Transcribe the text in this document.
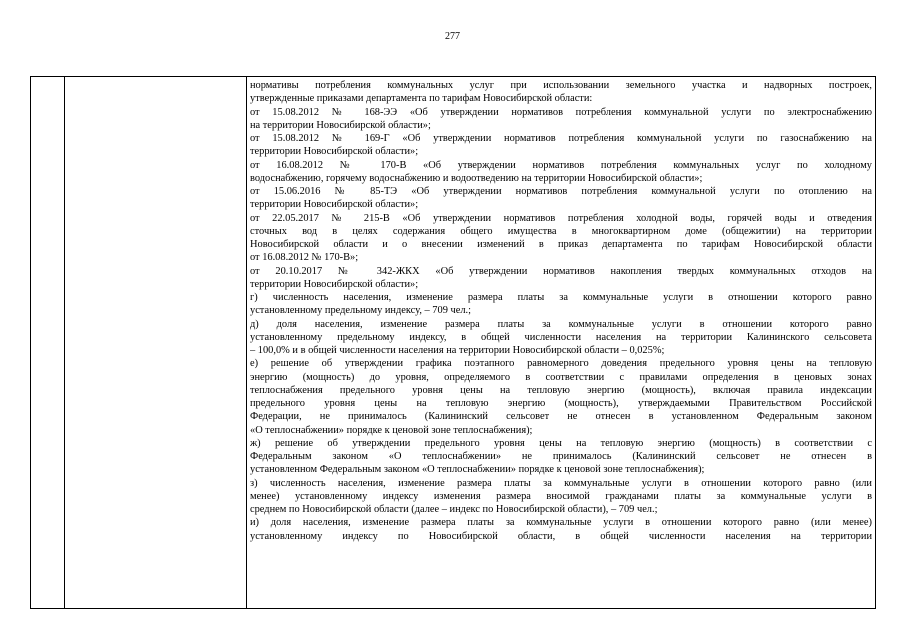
277
нормативы потребления коммунальных услуг при использовании земельного участка и надворных построек,
утвержденные приказами департамента по тарифам Новосибирской области:
от 15.08.2012 № 168-ЭЭ «Об утверждении нормативов потребления коммунальной услуги по электроснабжению
на территории Новосибирской области»;
от 15.08.2012 № 169-Г «Об утверждении нормативов потребления коммунальной услуги по газоснабжению на
территории Новосибирской области»;
от 16.08.2012 № 170-В «Об утверждении нормативов потребления коммунальных услуг по холодному
водоснабжению, горячему водоснабжению и водоотведению на территории Новосибирской области»;
от 15.06.2016 № 85-ТЭ «Об утверждении нормативов потребления коммунальной услуги по отоплению на
территории Новосибирской области»;
от 22.05.2017 № 215-В «Об утверждении нормативов потребления холодной воды, горячей воды и отведения
сточных вод в целях содержания общего имущества в многоквартирном доме (общежитии) на территории
Новосибирской области и о внесении изменений в приказ департамента по тарифам Новосибирской области
от 16.08.2012 № 170-В»;
от 20.10.2017 № 342-ЖКХ «Об утверждении нормативов накопления твердых коммунальных отходов на
территории Новосибирской области»;
г) численность населения, изменение размера платы за коммунальные услуги в отношении которого равно
установленному предельному индексу, – 709 чел.;
д) доля населения, изменение размера платы за коммунальные услуги в отношении которого равно
установленному предельному индексу, в общей численности населения на территории Калининского сельсовета
– 100,0% и в общей численности населения на территории Новосибирской области – 0,025%;
е) решение об утверждении графика поэтапного равномерного доведения предельного уровня цены на тепловую
энергию (мощность) до уровня, определяемого в соответствии с правилами определения в ценовых зонах
теплоснабжения предельного уровня цены на тепловую энергию (мощность), включая правила индексации
предельного уровня цены на тепловую энергию (мощность), утверждаемыми Правительством Российской
Федерации, не принималось (Калининский сельсовет не отнесен в установленном Федеральным законом
«О теплоснабжении» порядке к ценовой зоне теплоснабжения);
ж) решение об утверждении предельного уровня цены на тепловую энергию (мощность) в соответствии с
Федеральным законом «О теплоснабжении» не принималось (Калининский сельсовет не отнесен в
установленном Федеральным законом «О теплоснабжении» порядке к ценовой зоне теплоснабжения);
з) численность населения, изменение размера платы за коммунальные услуги в отношении которого равно (или
менее) установленному индексу изменения размера вносимой гражданами платы за коммунальные услуги в
среднем по Новосибирской области (далее – индекс по Новосибирской области), – 709 чел.;
и) доля населения, изменение размера платы за коммунальные услуги в отношении которого равно (или менее)
установленному индексу по Новосибирской области, в общей численности населения на территории
